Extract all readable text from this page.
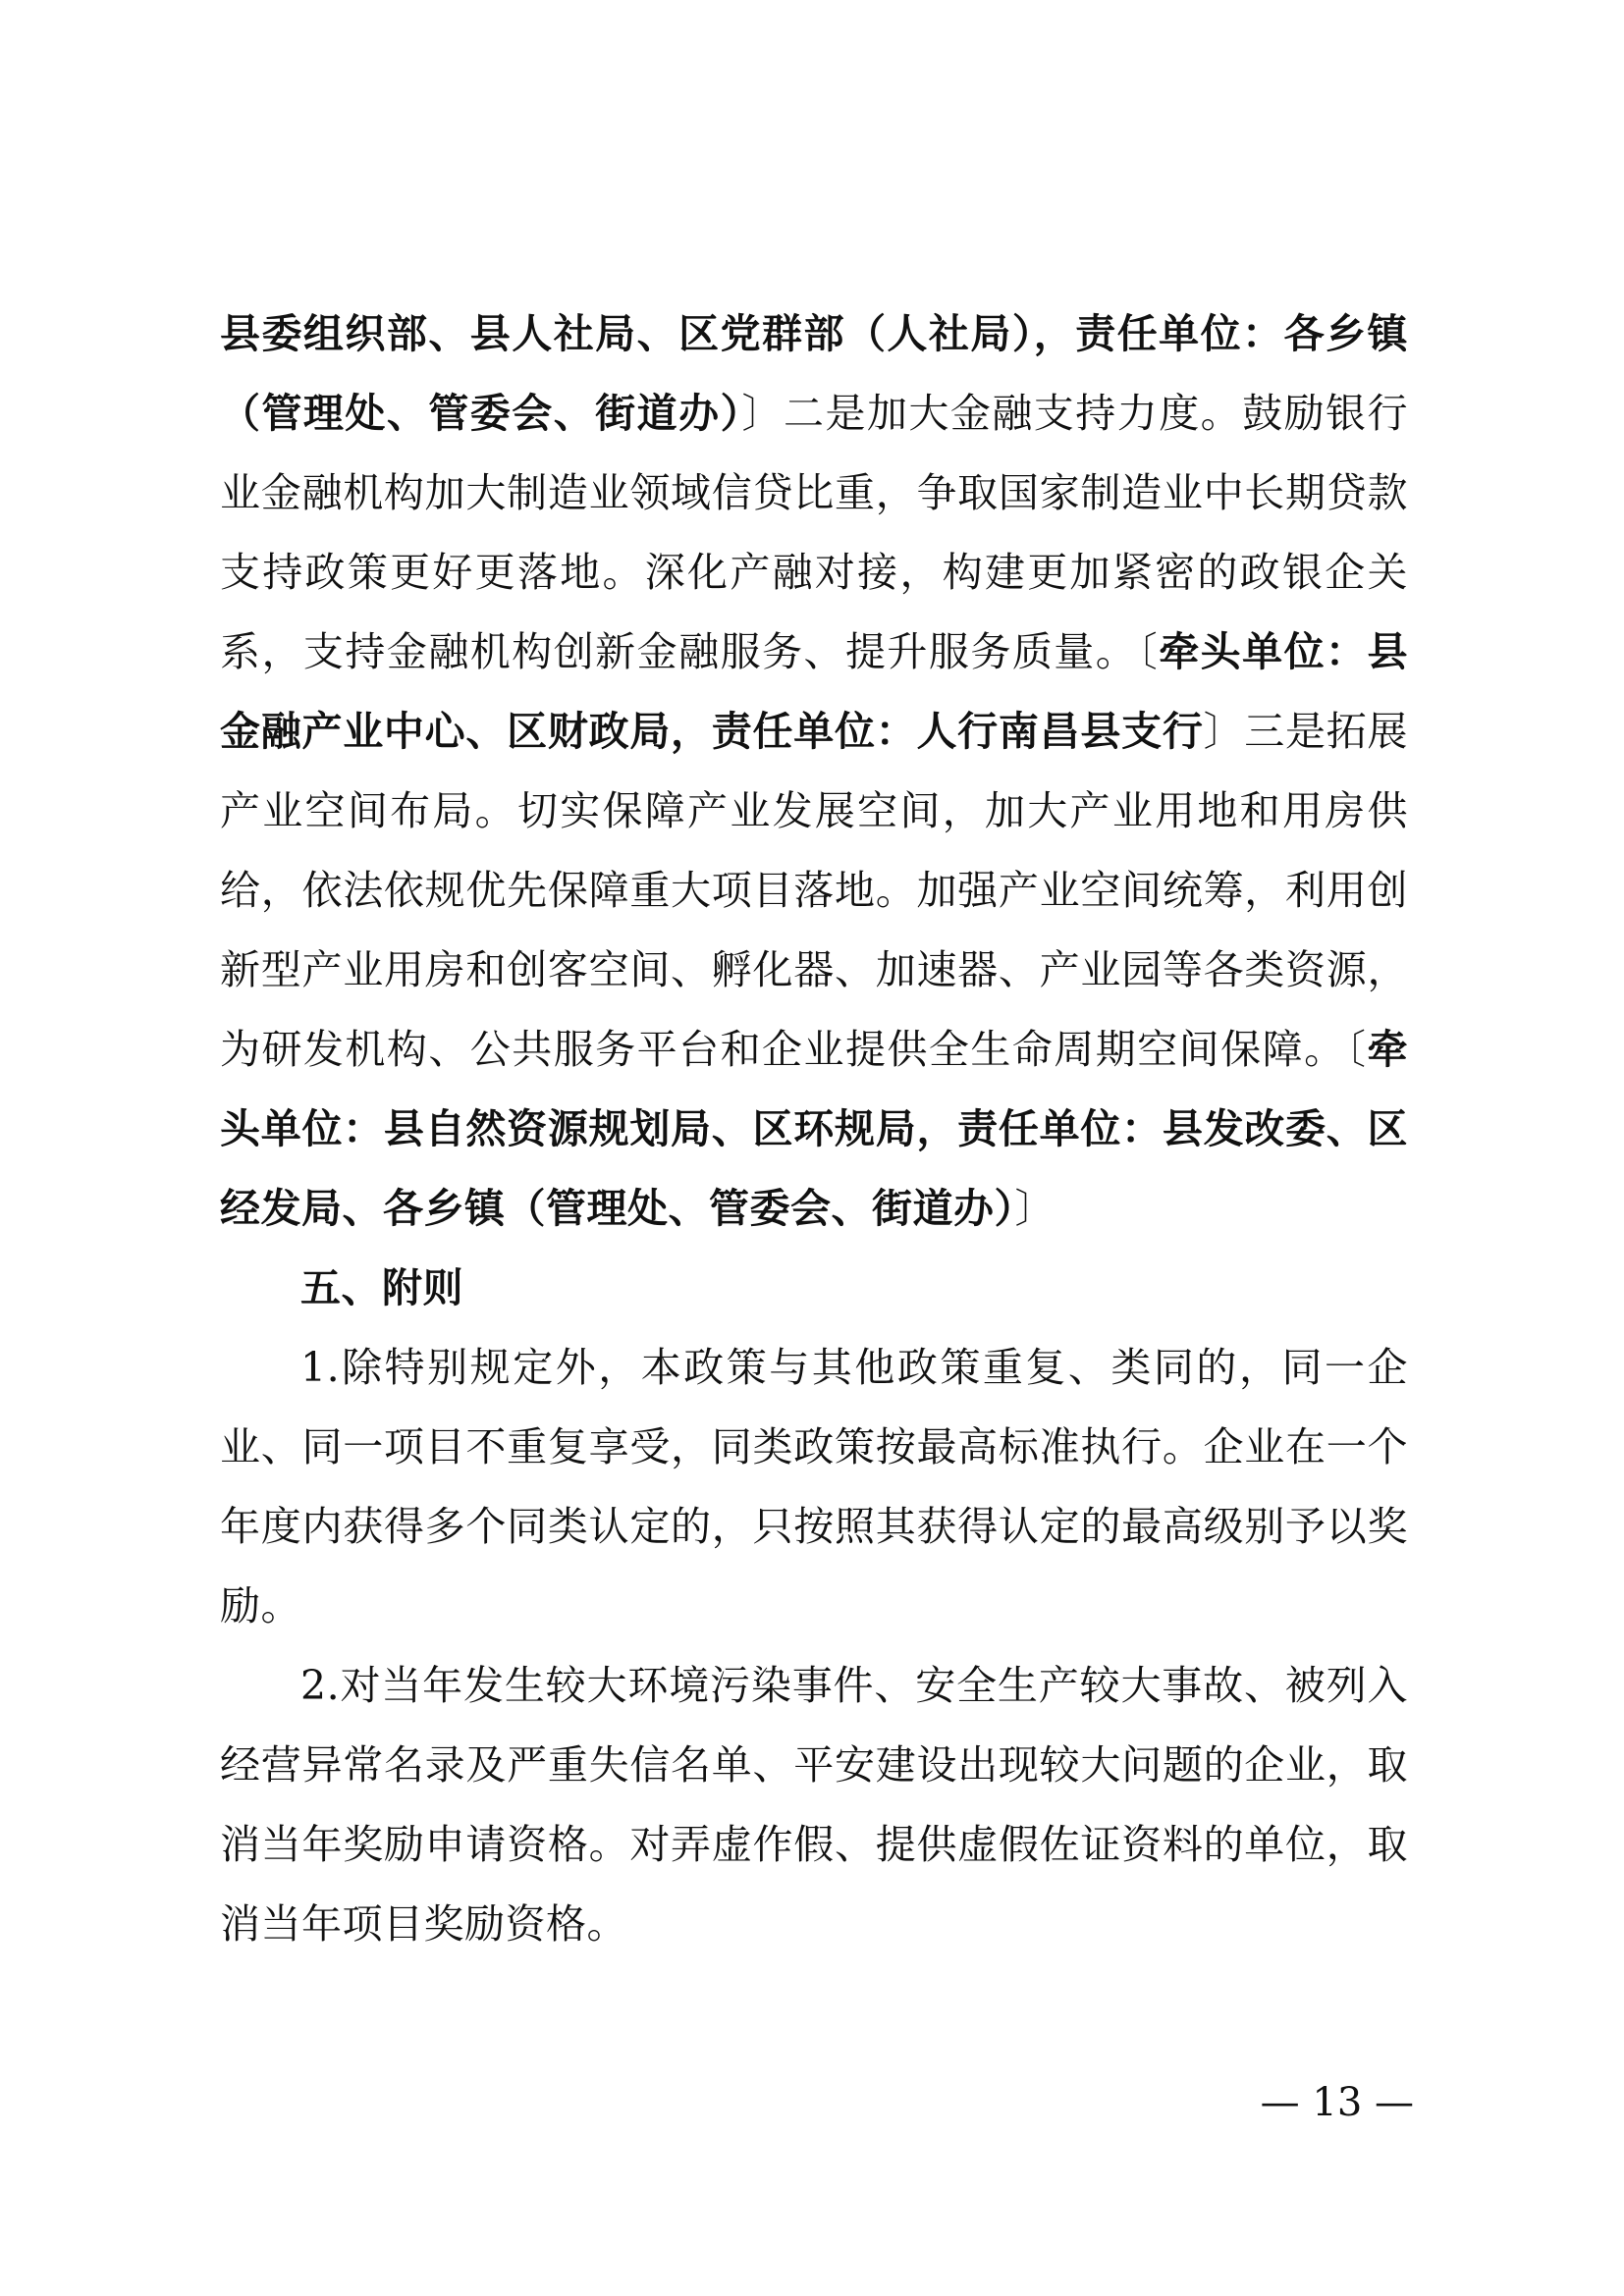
县委组织部、县人社局、区党群部（人社局），责任单位：各乡镇（管理处、管委会、街道办）〕二是加大金融支持力度。鼓励银行业金融机构加大制造业领域信贷比重，争取国家制造业中长期贷款支持政策更好更落地。深化产融对接，构建更加紧密的政银企关系，支持金融机构创新金融服务、提升服务质量。〔牵头单位：县金融产业中心、区财政局，责任单位：人行南昌县支行〕三是拓展产业空间布局。切实保障产业发展空间，加大产业用地和用房供给，依法依规优先保障重大项目落地。加强产业空间统筹，利用创新型产业用房和创客空间、孵化器、加速器、产业园等各类资源，为研发机构、公共服务平台和企业提供全生命周期空间保障。〔牵头单位：县自然资源规划局、区环规局，责任单位：县发改委、区经发局、各乡镇（管理处、管委会、街道办）〕

五、附则

1.除特别规定外，本政策与其他政策重复、类同的，同一企业、同一项目不重复享受，同类政策按最高标准执行。企业在一个年度内获得多个同类认定的，只按照其获得认定的最高级别予以奖励。

2.对当年发生较大环境污染事件、安全生产较大事故、被列入经营异常名录及严重失信名单、平安建设出现较大问题的企业，取消当年奖励申请资格。对弄虚作假、提供虚假佐证资料的单位，取消当年项目奖励资格。

— 13 —
